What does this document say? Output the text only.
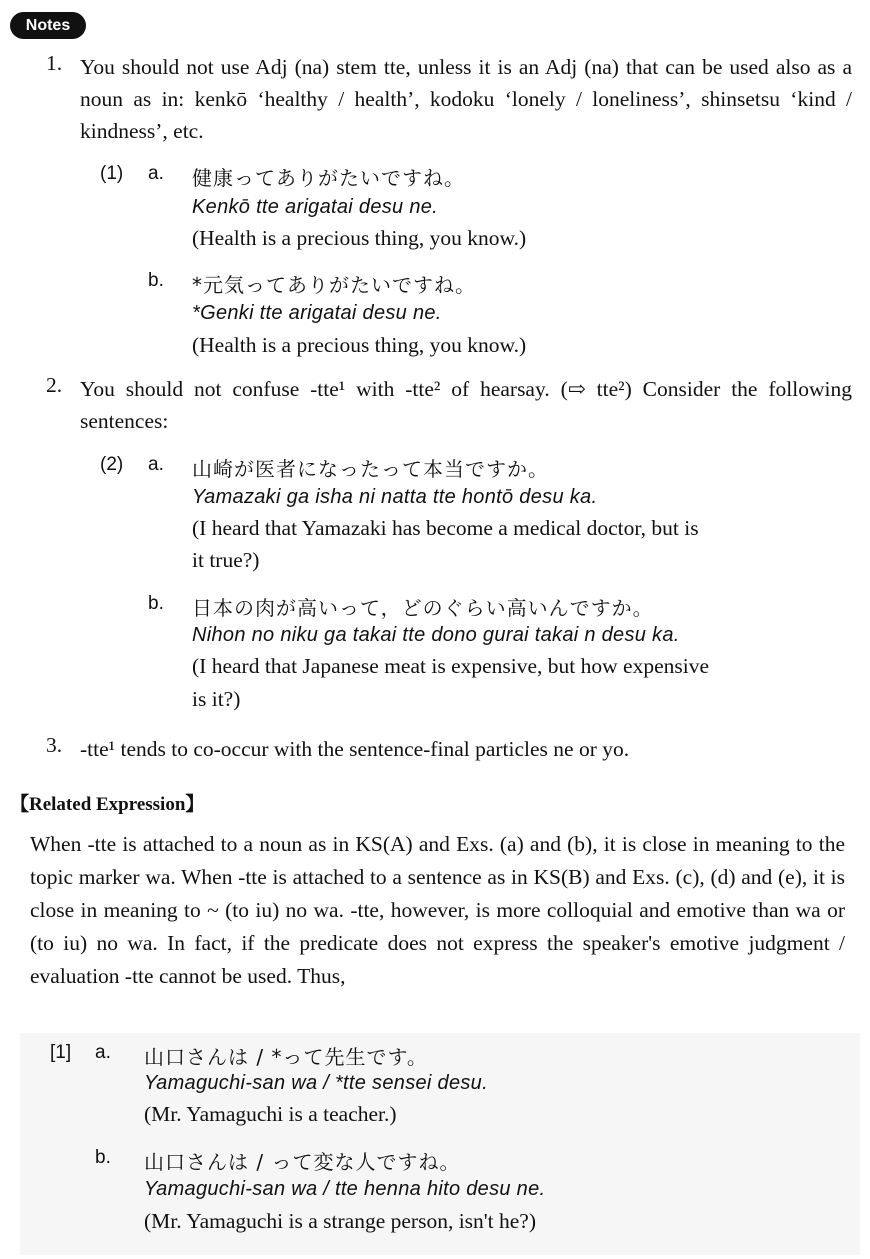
Notes
1. You should not use Adj (na) stem tte, unless it is an Adj (na) that can be used also as a noun as in: kenkō ‘healthy / health’, kodoku ‘lonely / loneliness’, shinsetsu ‘kind / kindness’, etc.
(1) a. 健康ってありがたいですね。
Kenkō tte arigatai desu ne.
(Health is a precious thing, you know.)
b. *元気ってありがたいですね。
*Genki tte arigatai desu ne.
(Health is a precious thing, you know.)
2. You should not confuse -tte¹ with -tte² of hearsay. (⇨ tte²) Consider the following sentences:
(2) a. 山崎が医者になったって本当ですか。
Yamazaki ga isha ni natta tte hontō desu ka.
(I heard that Yamazaki has become a medical doctor, but is
it true?)
b. 日本の肉が高いって，どのぐらい高いんですか。
Nihon no niku ga takai tte dono gurai takai n desu ka.
(I heard that Japanese meat is expensive, but how expensive
is it?)
3. -tte¹ tends to co-occur with the sentence-final particles ne or yo.
【Related Expression】
When -tte is attached to a noun as in KS(A) and Exs. (a) and (b), it is close in meaning to the topic marker wa. When -tte is attached to a sentence as in KS(B) and Exs. (c), (d) and (e), it is close in meaning to ~ (to iu) no wa. -tte, however, is more colloquial and emotive than wa or (to iu) no wa. In fact, if the predicate does not express the speaker's emotive judgment / evaluation -tte cannot be used. Thus,
[1] a. 山口さんは / *って先生です。
Yamaguchi-san wa / *tte sensei desu.
(Mr. Yamaguchi is a teacher.)
b. 山口さんは / って変な人ですね。
Yamaguchi-san wa / tte henna hito desu ne.
(Mr. Yamaguchi is a strange person, isn't he?)
